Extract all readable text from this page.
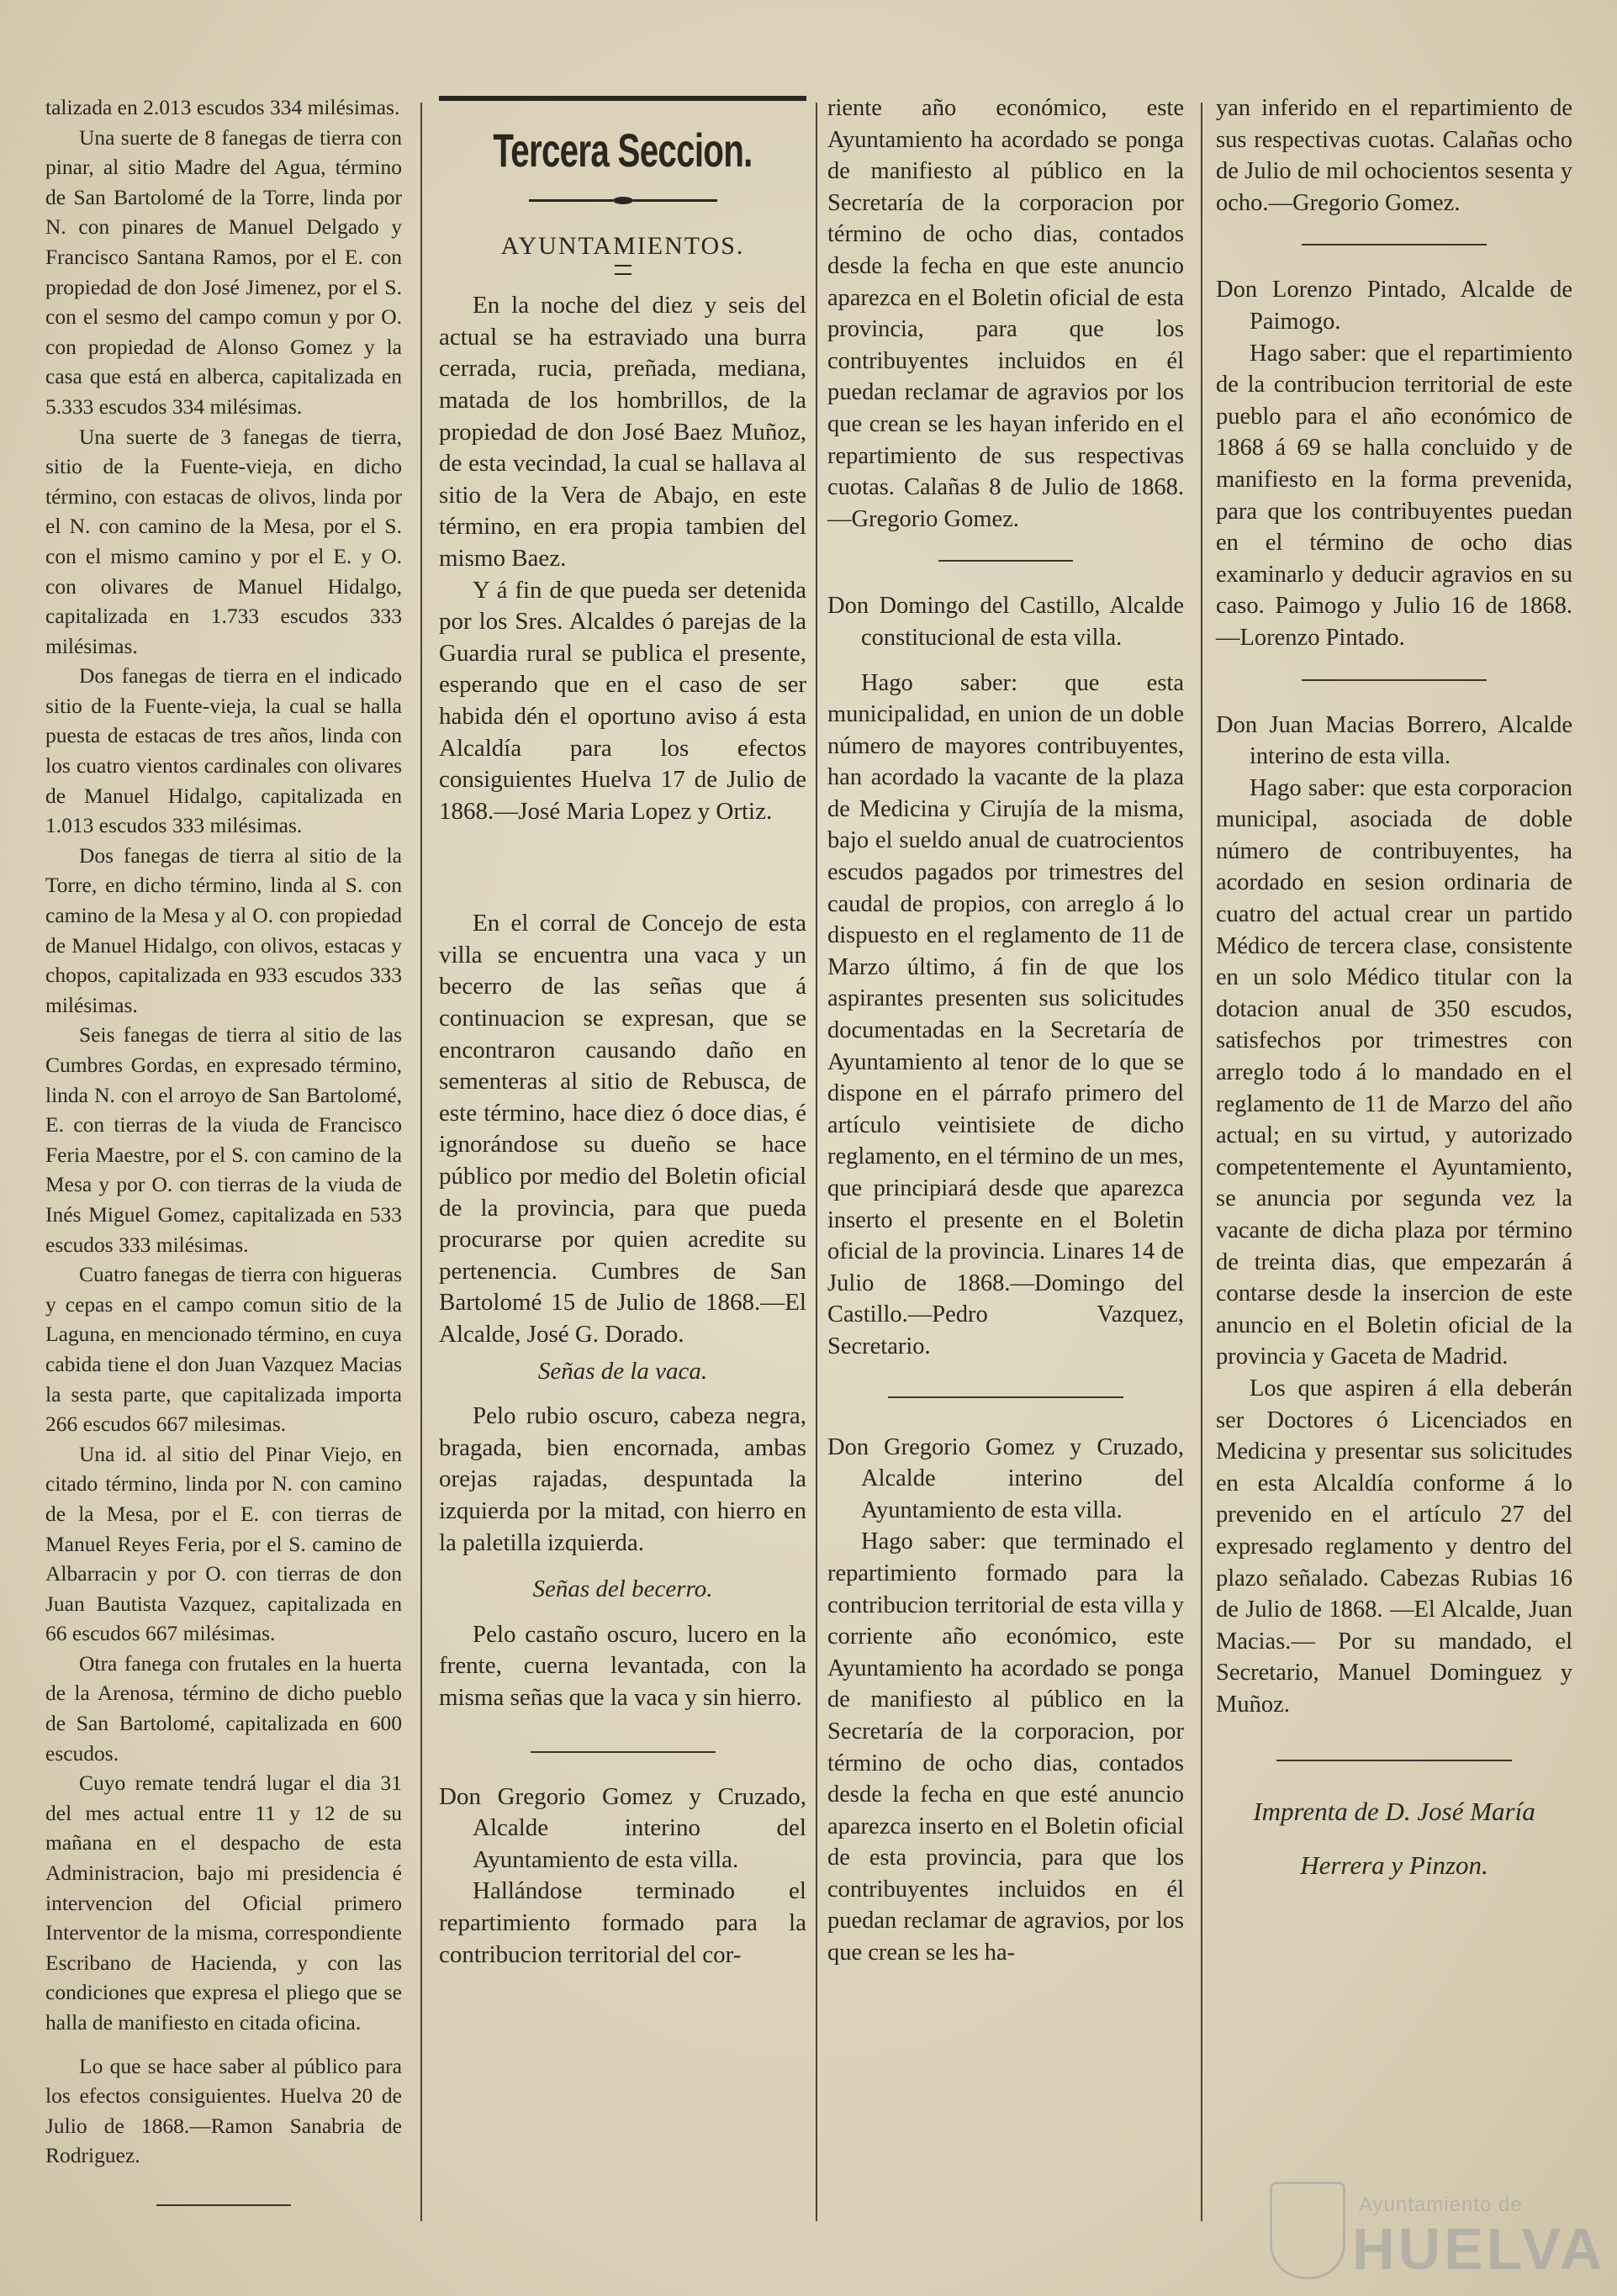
talizada en 2.013 escudos 334 milésimas.

Una suerte de 8 fanegas de tierra con pinar, al sitio Madre del Agua, término de San Bartolomé de la Torre, linda por N. con pinares de Manuel Delgado y Francisco Santana Ramos, por el E. con propiedad de don José Jimenez, por el S. con el sesmo del campo comun y por O. con propiedad de Alonso Gomez y la casa que está en alberca, capitalizada en 5.333 escudos 334 milésimas.

Una suerte de 3 fanegas de tierra, sitio de la Fuente-vieja, en dicho término, con estacas de olivos, linda por el N. con camino de la Mesa, por el S. con el mismo camino y por el E. y O. con olivares de Manuel Hidalgo, capitalizada en 1.733 escudos 333 milésimas.

Dos fanegas de tierra en el indicado sitio de la Fuente-vieja, la cual se halla puesta de estacas de tres años, linda con los cuatro vientos cardinales con olivares de Manuel Hidalgo, capitalizada en 1.013 escudos 333 milésimas.

Dos fanegas de tierra al sitio de la Torre, en dicho término, linda al S. con camino de la Mesa y al O. con propiedad de Manuel Hidalgo, con olivos, estacas y chopos, capitalizada en 933 escudos 333 milésimas.

Seis fanegas de tierra al sitio de las Cumbres Gordas, en expresado término, linda N. con el arroyo de San Bartolomé, E. con tierras de la viuda de Francisco Feria Maestre, por el S. con camino de la Mesa y por O. con tierras de la viuda de Inés Miguel Gomez, capitalizada en 533 escudos 333 milésimas.

Cuatro fanegas de tierra con higueras y cepas en el campo comun sitio de la Laguna, en mencionado término, en cuya cabida tiene el don Juan Vazquez Macias la sesta parte, que capitalizada importa 266 escudos 667 milesimas.

Una id. al sitio del Pinar Viejo, en citado término, linda por N. con camino de la Mesa, por el E. con tierras de Manuel Reyes Feria, por el S. camino de Albarracin y por O. con tierras de don Juan Bautista Vazquez, capitalizada en 66 escudos 667 milésimas.

Otra fanega con frutales en la huerta de la Arenosa, término de dicho pueblo de San Bartolomé, capitalizada en 600 escudos.

Cuyo remate tendrá lugar el dia 31 del mes actual entre 11 y 12 de su mañana en el despacho de esta Administracion, bajo mi presidencia é intervencion del Oficial primero Interventor de la misma, correspondiente Escribano de Hacienda, y con las condiciones que expresa el pliego que se halla de manifiesto en citada oficina.

Lo que se hace saber al público para los efectos consiguientes. Huelva 20 de Julio de 1868.—Ramon Sanabria de Rodriguez.

Tercera Seccion.
AYUNTAMIENTOS.

En la noche del diez y seis del actual se ha estraviado una burra cerrada, rucia, preñada, mediana, matada de los hombrillos, de la propiedad de don José Baez Muñoz, de esta vecindad, la cual se hallava al sitio de la Vera de Abajo, en este término, en era propia tambien del mismo Baez.

Y á fin de que pueda ser detenida por los Sres. Alcaldes ó parejas de la Guardia rural se publica el presente, esperando que en el caso de ser habida dén el oportuno aviso á esta Alcaldía para los efectos consiguientes Huelva 17 de Julio de 1868.—José Maria Lopez y Ortiz.

En el corral de Concejo de esta villa se encuentra una vaca y un becerro de las señas que á continuacion se expresan, que se encontraron causando daño en sementeras al sitio de Rebusca, de este término, hace diez ó doce dias, é ignorándose su dueño se hace público por medio del Boletin oficial de la provincia, para que pueda procurarse por quien acredite su pertenencia. Cumbres de San Bartolomé 15 de Julio de 1868.—El Alcalde, José G. Dorado.

Señas de la vaca.

Pelo rubio oscuro, cabeza negra, bragada, bien encornada, ambas orejas rajadas, despuntada la izquierda por la mitad, con hierro en la paletilla izquierda.

Señas del becerro.

Pelo castaño oscuro, lucero en la frente, cuerna levantada, con la misma señas que la vaca y sin hierro.

Don Gregorio Gomez y Cruzado, Alcalde interino del Ayuntamiento de esta villa.

Hallándose terminado el repartimiento formado para la contribucion territorial del cor-

riente año económico, este Ayuntamiento ha acordado se ponga de manifiesto al público en la Secretaría de la corporacion por término de ocho dias, contados desde la fecha en que este anuncio aparezca en el Boletin oficial de esta provincia, para que los contribuyentes incluidos en él puedan reclamar de agravios por los que crean se les hayan inferido en el repartimiento de sus respectivas cuotas. Calañas 8 de Julio de 1868.—Gregorio Gomez.

Don Domingo del Castillo, Alcalde constitucional de esta villa.

Hago saber: que esta municipalidad, en union de un doble número de mayores contribuyentes, han acordado la vacante de la plaza de Medicina y Cirujía de la misma, bajo el sueldo anual de cuatrocientos escudos pagados por trimestres del caudal de propios, con arreglo á lo dispuesto en el reglamento de 11 de Marzo último, á fin de que los aspirantes presenten sus solicitudes documentadas en la Secretaría de Ayuntamiento al tenor de lo que se dispone en el párrafo primero del artículo veintisiete de dicho reglamento, en el término de un mes, que principiará desde que aparezca inserto el presente en el Boletin oficial de la provincia. Linares 14 de Julio de 1868.—Domingo del Castillo.—Pedro Vazquez, Secretario.

Don Gregorio Gomez y Cruzado, Alcalde interino del Ayuntamiento de esta villa.

Hago saber: que terminado el repartimiento formado para la contribucion territorial de esta villa y corriente año económico, este Ayuntamiento ha acordado se ponga de manifiesto al público en la Secretaría de la corporacion, por término de ocho dias, contados desde la fecha en que esté anuncio aparezca inserto en el Boletin oficial de esta provincia, para que los contribuyentes incluidos en él puedan reclamar de agravios, por los que crean se les ha-

yan inferido en el repartimiento de sus respectivas cuotas. Calañas ocho de Julio de mil ochocientos sesenta y ocho.—Gregorio Gomez.

Don Lorenzo Pintado, Alcalde de Paimogo.

Hago saber: que el repartimiento de la contribucion territorial de este pueblo para el año económico de 1868 á 69 se halla concluido y de manifiesto en la forma prevenida, para que los contribuyentes puedan en el término de ocho dias examinarlo y deducir agravios en su caso. Paimogo y Julio 16 de 1868. —Lorenzo Pintado.

Don Juan Macias Borrero, Alcalde interino de esta villa.

Hago saber: que esta corporacion municipal, asociada de doble número de contribuyentes, ha acordado en sesion ordinaria de cuatro del actual crear un partido Médico de tercera clase, consistente en un solo Médico titular con la dotacion anual de 350 escudos, satisfechos por trimestres con arreglo todo á lo mandado en el reglamento de 11 de Marzo del año actual; en su virtud, y autorizado competentemente el Ayuntamiento, se anuncia por segunda vez la vacante de dicha plaza por término de treinta dias, que empezarán á contarse desde la insercion de este anuncio en el Boletin oficial de la provincia y Gaceta de Madrid.

Los que aspiren á ella deberán ser Doctores ó Licenciados en Medicina y presentar sus solicitudes en esta Alcaldía conforme á lo prevenido en el artículo 27 del expresado reglamento y dentro del plazo señalado. Cabezas Rubias 16 de Julio de 1868. —El Alcalde, Juan Macias.— Por su mandado, el Secretario, Manuel Dominguez y Muñoz.

Imprenta de D. José María
Herrera y Pinzon.
Ayuntamiento de
HUELVA
